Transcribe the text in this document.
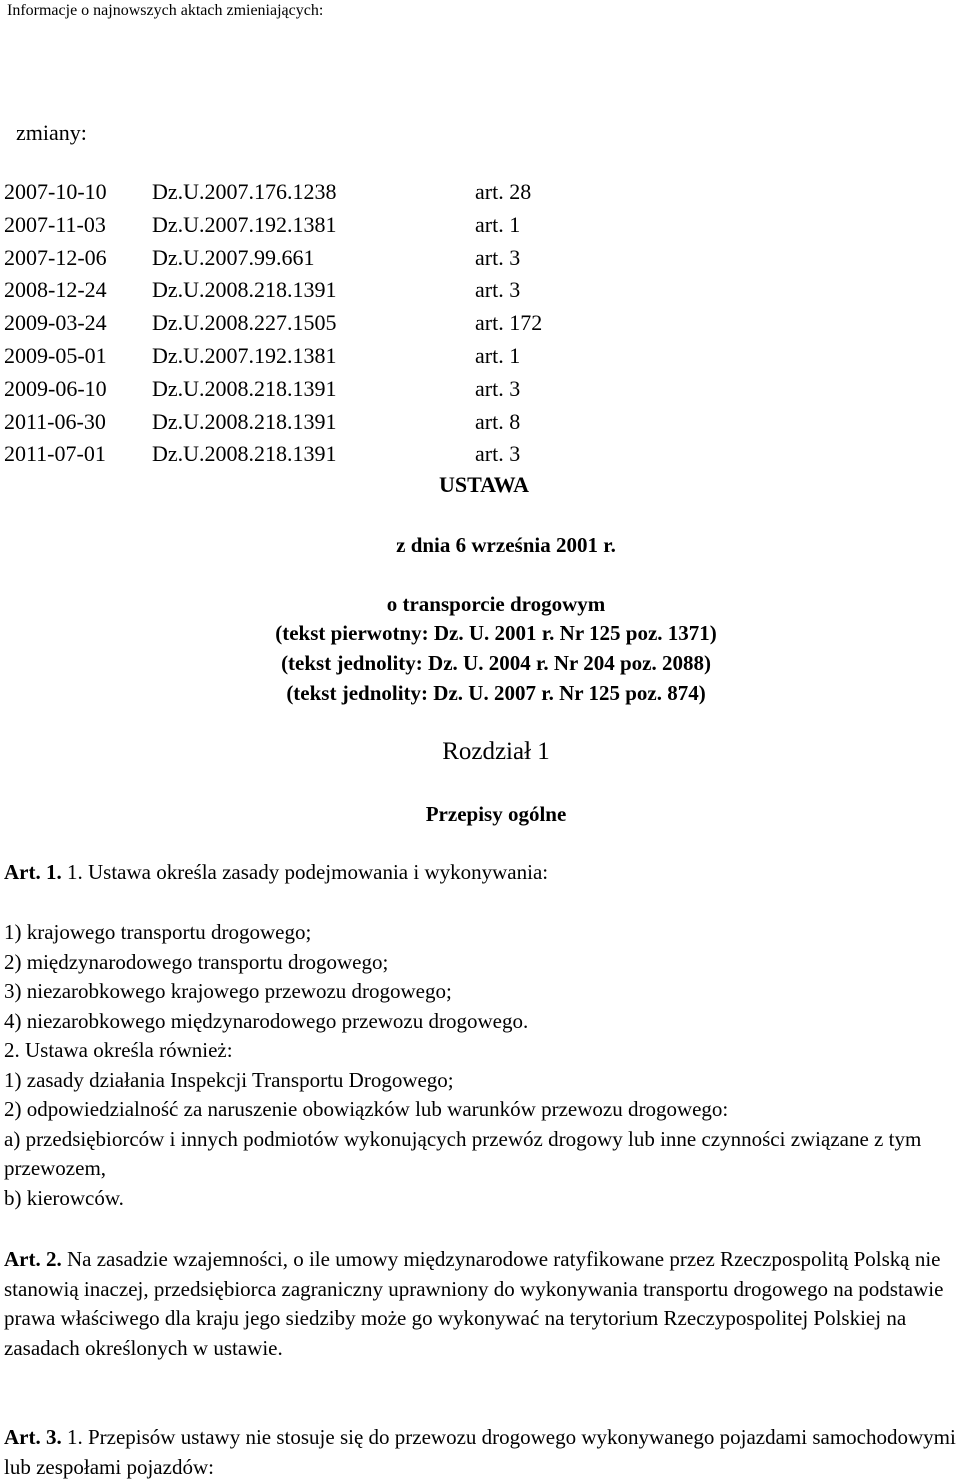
Informacje o najnowszych aktach zmieniających:
zmiany:
2007-10-10 Dz.U.2007.176.1238	art. 28
2007-11-03 Dz.U.2007.192.1381	art. 1
2007-12-06 Dz.U.2007.99.661	art. 3
2008-12-24 Dz.U.2008.218.1391	art. 3
2009-03-24 Dz.U.2008.227.1505	art. 172
2009-05-01 Dz.U.2007.192.1381	art. 1
2009-06-10 Dz.U.2008.218.1391	art. 3
2011-06-30 Dz.U.2008.218.1391	art. 8
2011-07-01 Dz.U.2008.218.1391	art. 3
USTAWA
z dnia 6 września 2001 r.
o transporcie drogowym
(tekst pierwotny: Dz. U. 2001 r. Nr 125 poz. 1371)
(tekst jednolity: Dz. U. 2004 r. Nr 204 poz. 2088)
(tekst jednolity: Dz. U. 2007 r. Nr 125 poz. 874)
Rozdział 1
Przepisy ogólne

Art. 1. 1. Ustawa określa zasady podejmowania i wykonywania:

1) krajowego transportu drogowego;

2) międzynarodowego transportu drogowego;

3) niezarobkowego krajowego przewozu drogowego;

4) niezarobkowego międzynarodowego przewozu drogowego.

2. Ustawa określa również:

1) zasady działania Inspekcji Transportu Drogowego;

2) odpowiedzialność za naruszenie obowiązków lub warunków przewozu drogowego:

a) przedsiębiorców i innych podmiotów wykonujących przewóz drogowy lub inne czynności związane z tym przewozem,

b) kierowców.

Art. 2. Na zasadzie wzajemności, o ile umowy międzynarodowe ratyfikowane przez Rzeczpospolitą Polską nie stanowią inaczej, przedsiębiorca zagraniczny uprawniony do wykonywania transportu drogowego na podstawie prawa właściwego dla kraju jego siedziby może go wykonywać na terytorium Rzeczypospolitej Polskiej na zasadach określonych w ustawie.

Art. 3. 1. Przepisów ustawy nie stosuje się do przewozu drogowego wykonywanego pojazdami samochodowymi lub zespołami pojazdów:
